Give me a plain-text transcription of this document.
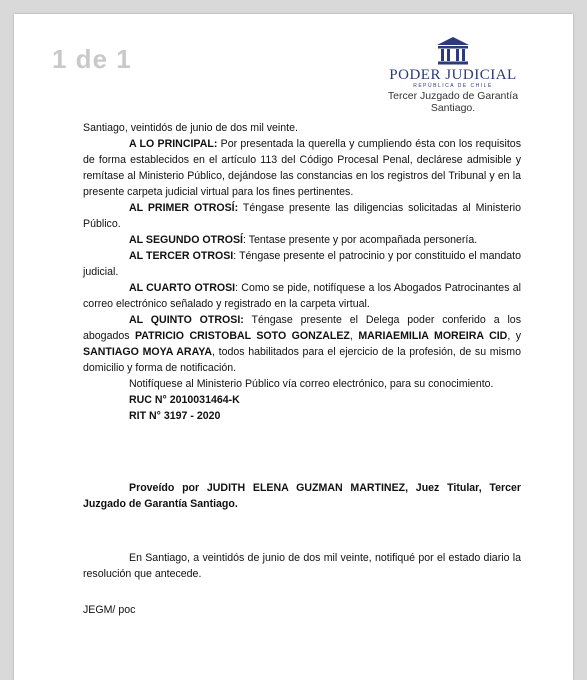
1 de 1
PODER JUDICIAL
REPÚBLICA DE CHILE
Tercer Juzgado de Garantía
Santiago.

Santiago, veintidós de junio de dos mil veinte.

A LO PRINCIPAL: Por presentada la querella y cumpliendo ésta con los requisitos de forma establecidos en el artículo 113 del Código Procesal Penal, declárese admisible y remítase al Ministerio Público, dejándose las constancias en los registros del Tribunal y en la presente carpeta judicial virtual para los fines pertinentes.

AL PRIMER OTROSÍ: Téngase presente las diligencias solicitadas al Ministerio Público.

AL SEGUNDO OTROSÍ: Tentase presente y por acompañada personería.

AL TERCER OTROSI: Téngase presente el patrocinio y por constituido el mandato judicial.

AL CUARTO OTROSI: Como se pide, notifíquese a los Abogados Patrocinantes al correo electrónico señalado y registrado en la carpeta virtual.

AL QUINTO OTROSI: Téngase presente el Delega poder conferido a los abogados PATRICIO CRISTOBAL SOTO GONZALEZ, MARIAEMILIA MOREIRA CID, y SANTIAGO MOYA ARAYA, todos habilitados para el ejercicio de la profesión, de su mismo domicilio y forma de notificación.

Notifíquese al Ministerio Público vía correo electrónico, para su conocimiento.

RUC N° 2010031464-K

RIT N° 3197 - 2020

Proveído por JUDITH ELENA GUZMAN MARTINEZ, Juez Titular, Tercer Juzgado de Garantía Santiago.

En Santiago, a veintidós de junio de dos mil veinte, notifiqué por el estado diario la resolución que antecede.

JEGM/ poc
